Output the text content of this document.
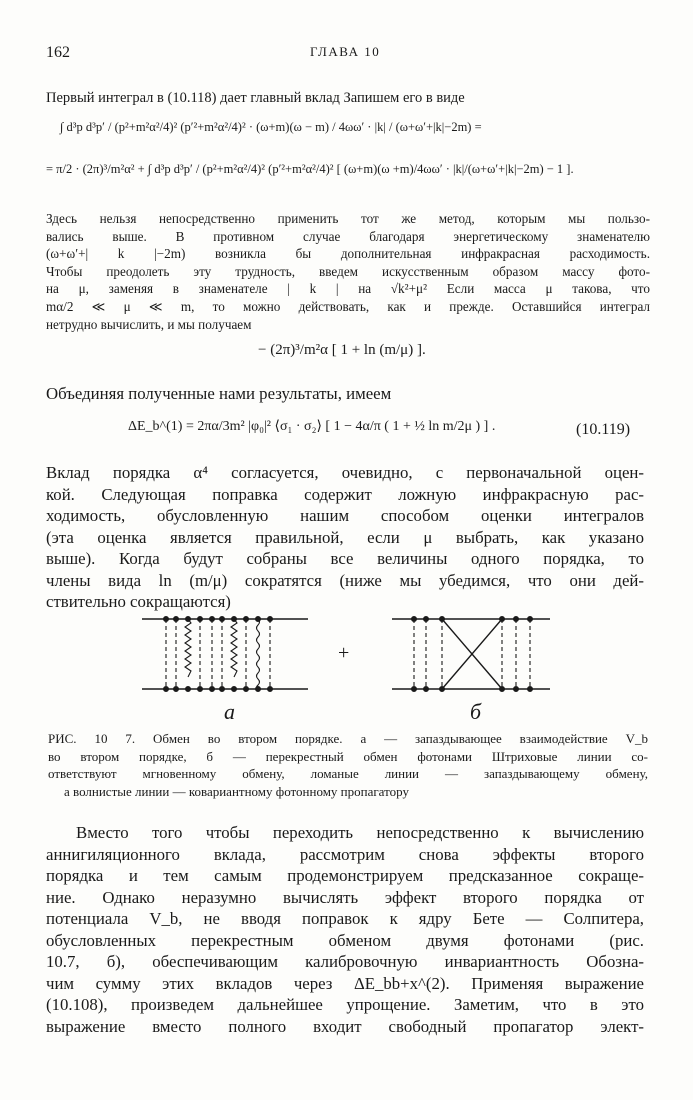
162	ГЛАВА 10
Первый интеграл в (10.118) дает главный вклад Запишем его в виде
∫ d³p d³p′ / (p²+m²α²/4)² (p′²+m²α²/4)² · (ω+m)(ω − m) / 4ωω′ · |k| / (ω+ω′+|k|−2m) =
= π/2 · (2π)³/m²α² + ∫ d³p d³p′ / (p²+m²α²/4)² (p′²+m²α²/4)² [ (ω+m)(ω +m)/4ωω′ · |k|/(ω+ω′+|k|−2m) − 1 ].
Здесь нельзя непосредственно применить тот же метод, которым мы пользо-
вались выше. В противном случае благодаря энергетическому знаменателю
(ω+ω′+| k |−2m) возникла бы дополнительная инфракрасная расходимость.
Чтобы преодолеть эту трудность, введем искусственным образом массу фото-
на μ, заменяя в знаменателе | k | на √k²+μ² Если масса μ такова, что
mα/2 ≪ μ ≪ m, то можно действовать, как и прежде. Оставшийся интеграл
нетрудно вычислить, и мы получаем
− (2π)³/m²α [ 1 + ln (m/μ) ].
Объединяя полученные нами результаты, имеем
ΔE_b^(1) = 2πα/3m² |φ₀|² ⟨σ₁ · σ₂⟩ [ 1 − 4α/π ( 1 + ½ ln m/2μ ) ] .	(10.119)
Вклад порядка α⁴ согласуется, очевидно, с первоначальной оцен-
кой. Следующая поправка содержит ложную инфракрасную рас-
ходимость, обусловленную нашим способом оценки интегралов
(эта оценка является правильной, если μ выбрать, как указано
выше). Когда будут собраны все величины одного порядка, то
члены вида ln (m/μ) сократятся (ниже мы убедимся, что они дей-
ствительно сокращаются)
+
а	б
РИС. 10 7. Обмен во втором порядке. а — запаздывающее взаимодействие V_b
во втором порядке, б — перекрестный обмен фотонами Штриховые линии со-
ответствуют мгновенному обмену, ломаные линии — запаздывающему обмену,
а волнистые линии — ковариантному фотонному пропагатору
Вместо того чтобы переходить непосредственно к вычислению
аннигиляционного вклада, рассмотрим снова эффекты второго
порядка и тем самым продемонстрируем предсказанное сокраще-
ние. Однако неразумно вычислять эффект второго порядка от
потенциала V_b, не вводя поправок к ядру Бете — Солпитера,
обусловленных перекрестным обменом двумя фотонами (рис.
10.7, б), обеспечивающим калибровочную инвариантность Обозна-
чим сумму этих вкладов через ΔE_bb+x^(2). Применяя выражение
(10.108), произведем дальнейшее упрощение. Заметим, что в это
выражение вместо полного входит свободный пропагатор элект-
